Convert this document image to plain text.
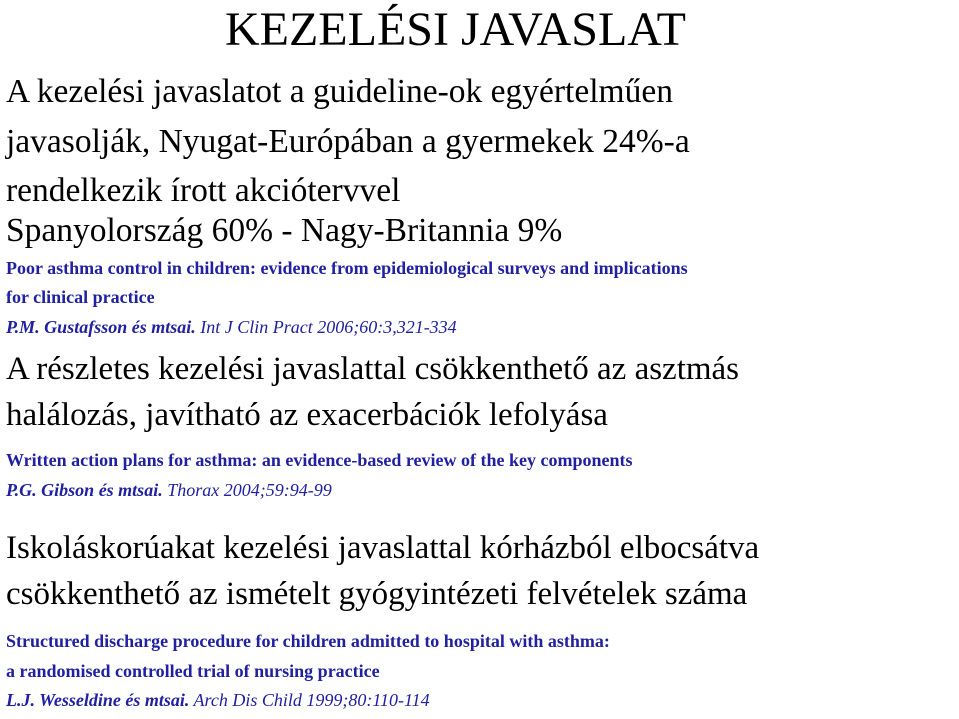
KEZELÉSI JAVASLAT
A kezelési javaslatot a guideline-ok egyértelműen
javasolják, Nyugat-Európában a gyermekek 24%-a
rendelkezik írott akciótervvel
Spanyolország 60% - Nagy-Britannia 9%
Poor asthma control in children: evidence from epidemiological surveys and implications
for clinical practice
P.M. Gustafsson és mtsai. Int J Clin Pract 2006;60:3,321-334
A részletes kezelési javaslattal csökkenthető az asztmás
halálozás, javítható az exacerbációk lefolyása
Written action plans for asthma: an evidence-based review of the key components
P.G. Gibson és mtsai. Thorax 2004;59:94-99
Iskoláskorúakat kezelési javaslattal kórházból elbocsátva
csökkenthető az ismételt gyógyintézeti felvételek száma
Structured discharge procedure for children admitted to hospital with asthma:
a randomised controlled trial of nursing practice
L.J. Wesseldine és mtsai. Arch Dis Child 1999;80:110-114
